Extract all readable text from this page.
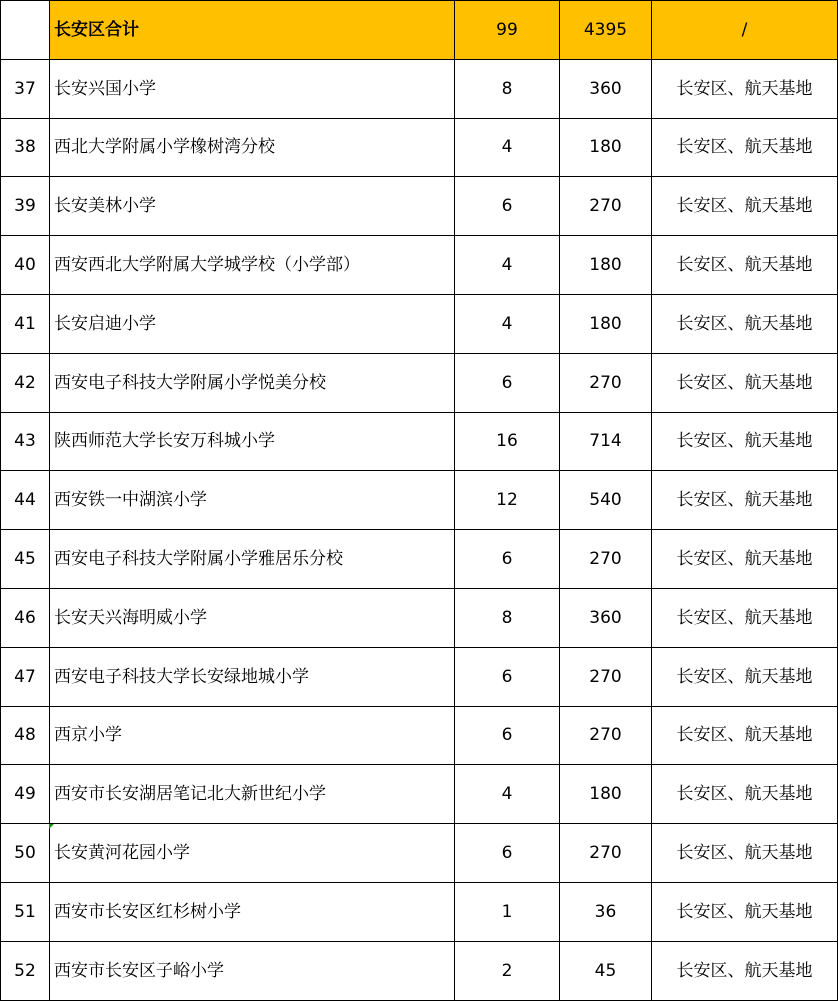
	长安区合计	99	4395	/
37	长安兴国小学	8	360	长安区、航天基地
38	西北大学附属小学橡树湾分校	4	180	长安区、航天基地
39	长安美林小学	6	270	长安区、航天基地
40	西安西北大学附属大学城学校（小学部）	4	180	长安区、航天基地
41	长安启迪小学	4	180	长安区、航天基地
42	西安电子科技大学附属小学悦美分校	6	270	长安区、航天基地
43	陕西师范大学长安万科城小学	16	714	长安区、航天基地
44	西安铁一中湖滨小学	12	540	长安区、航天基地
45	西安电子科技大学附属小学雅居乐分校	6	270	长安区、航天基地
46	长安天兴海明威小学	8	360	长安区、航天基地
47	西安电子科技大学长安绿地城小学	6	270	长安区、航天基地
48	西京小学	6	270	长安区、航天基地
49	西安市长安湖居笔记北大新世纪小学	4	180	长安区、航天基地
50	长安黄河花园小学	6	270	长安区、航天基地
51	西安市长安区红杉树小学	1	36	长安区、航天基地
52	西安市长安区子峪小学	2	45	长安区、航天基地
